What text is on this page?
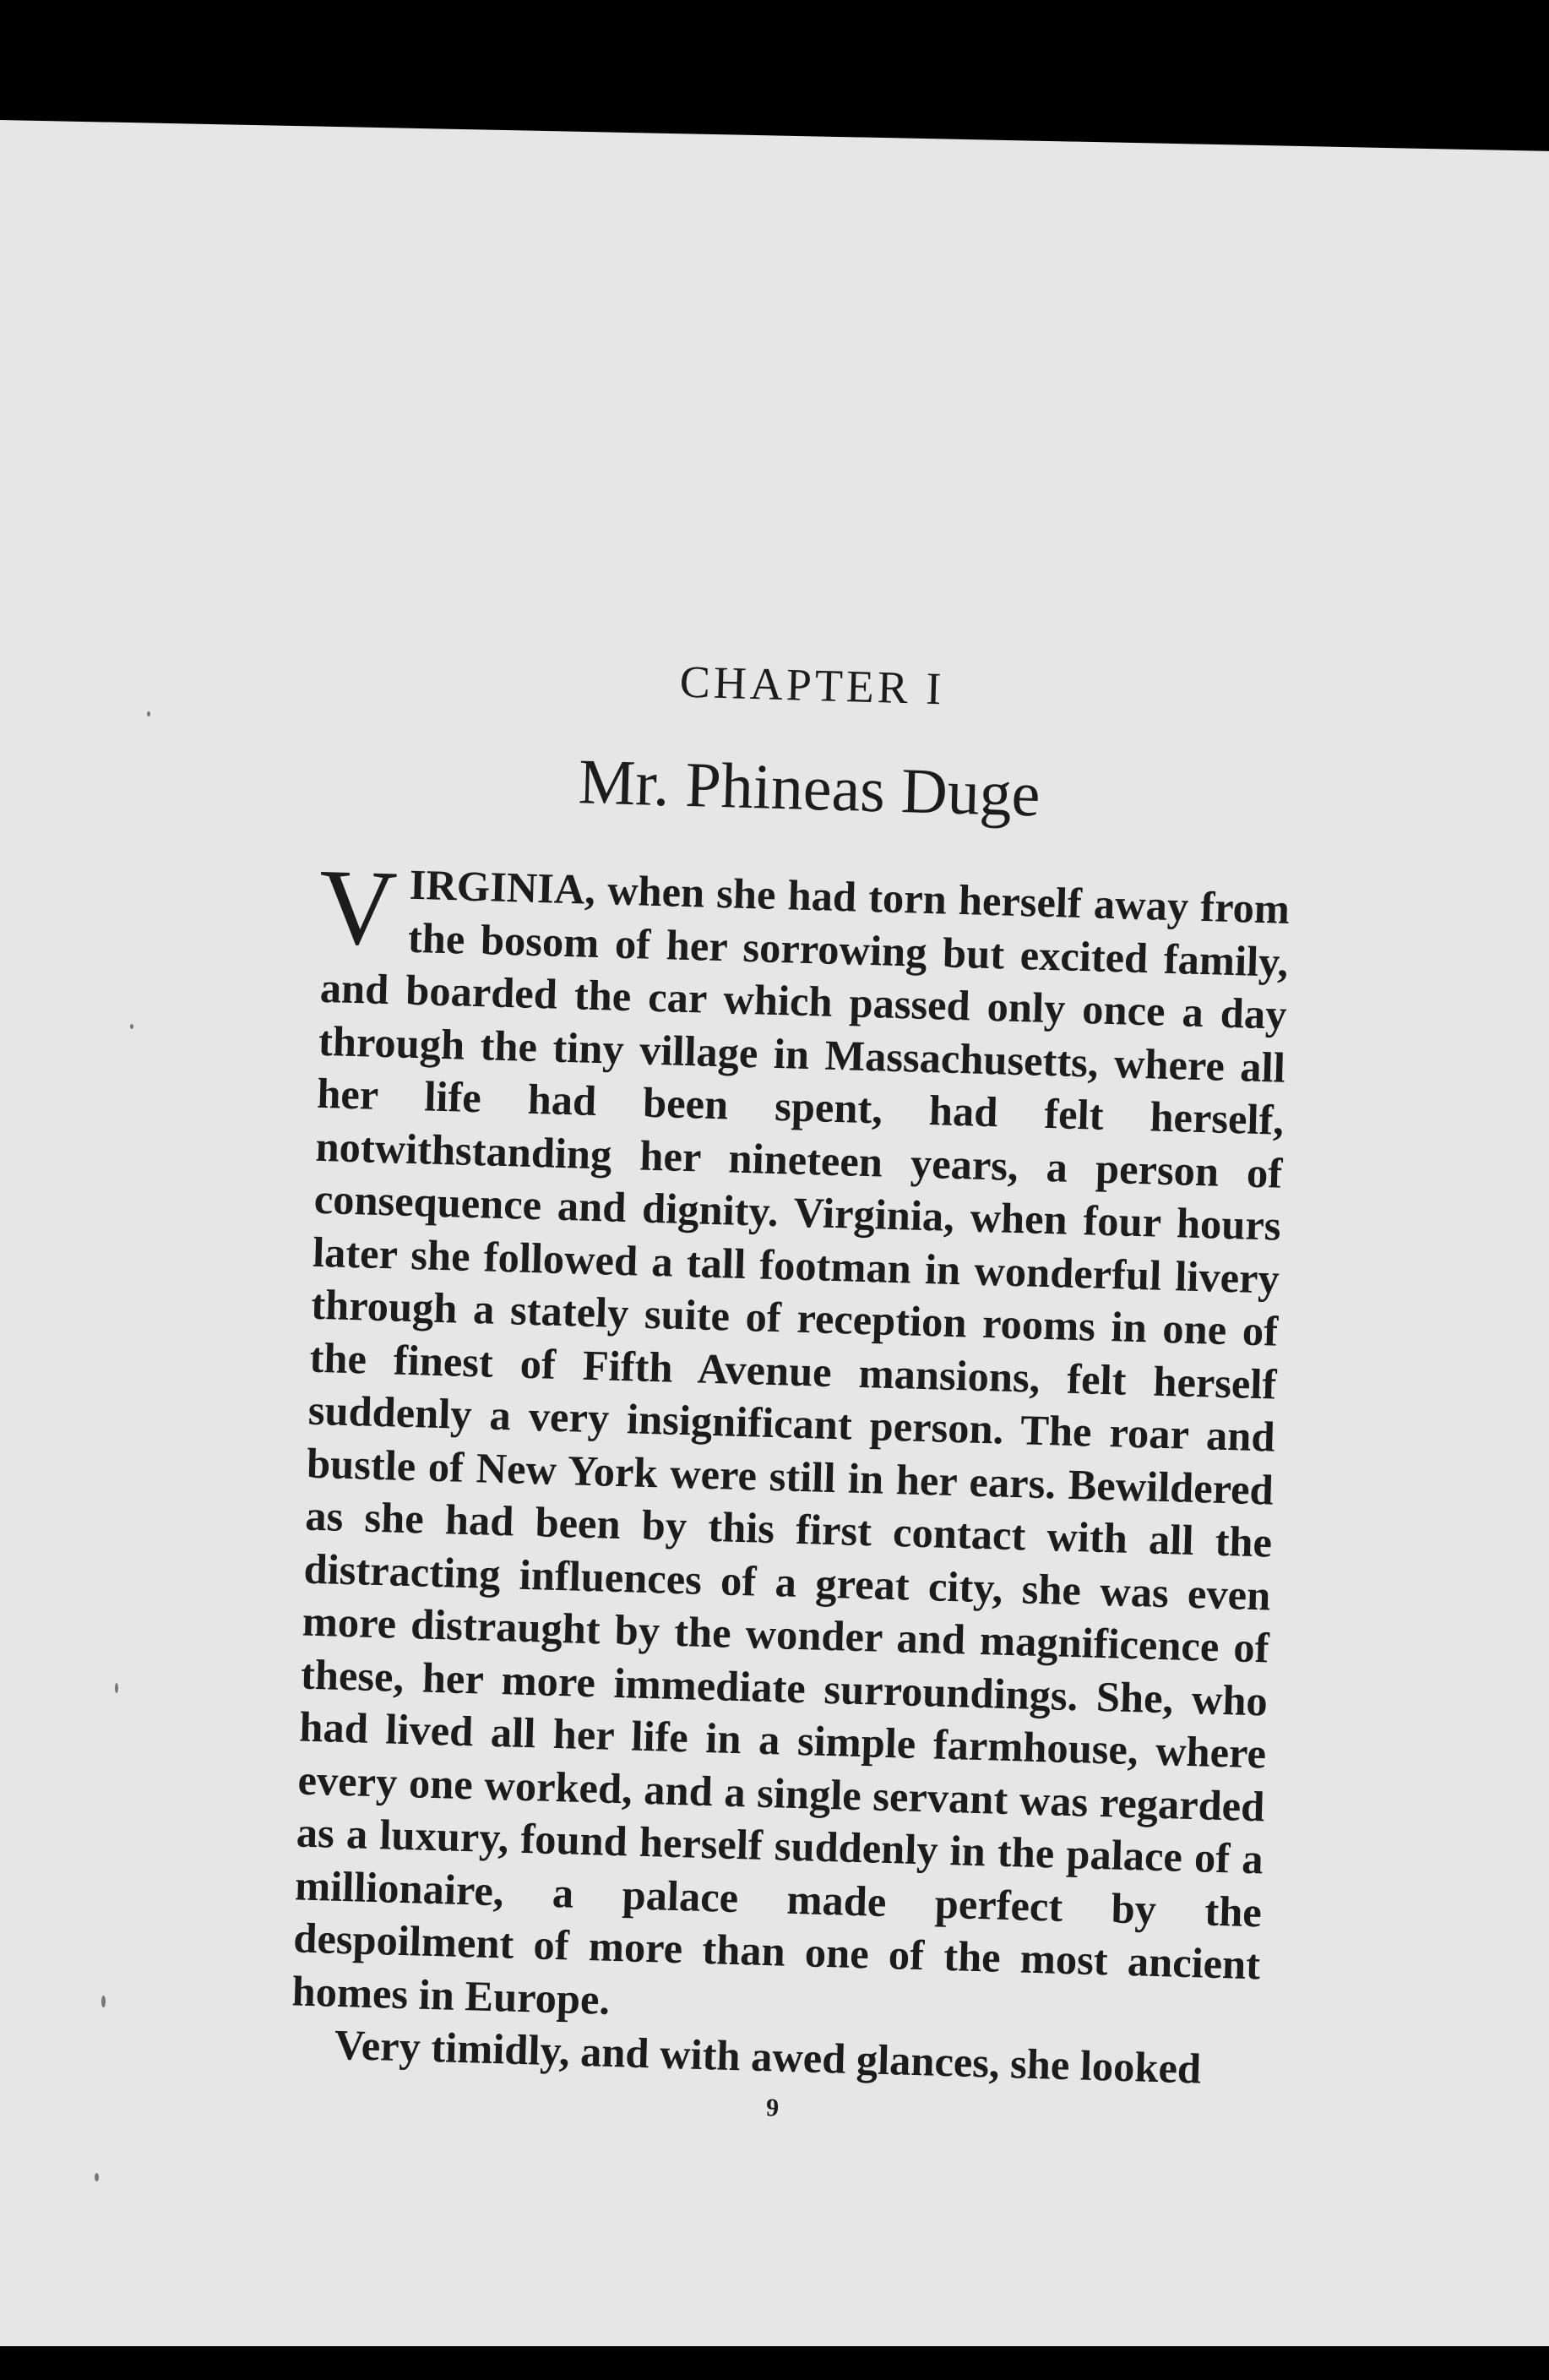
CHAPTER I
Mr. Phineas Duge

VIRGINIA, when she had torn herself away from the bosom of her sorrowing but excited family, and boarded the car which passed only once a day through the tiny village in Massachusetts, where all her life had been spent, had felt herself, notwithstanding her nineteen years, a person of consequence and dignity. Virginia, when four hours later she followed a tall footman in wonderful livery through a stately suite of reception rooms in one of the finest of Fifth Avenue mansions, felt herself suddenly a very insignificant person. The roar and bustle of New York were still in her ears. Bewildered as she had been by this first contact with all the distracting influences of a great city, she was even more distraught by the wonder and magnificence of these, her more immediate surroundings. She, who had lived all her life in a simple farmhouse, where every one worked, and a single servant was regarded as a luxury, found herself suddenly in the palace of a millionaire, a palace made perfect by the despoilment of more than one of the most ancient homes in Europe.

Very timidly, and with awed glances, she looked

9
